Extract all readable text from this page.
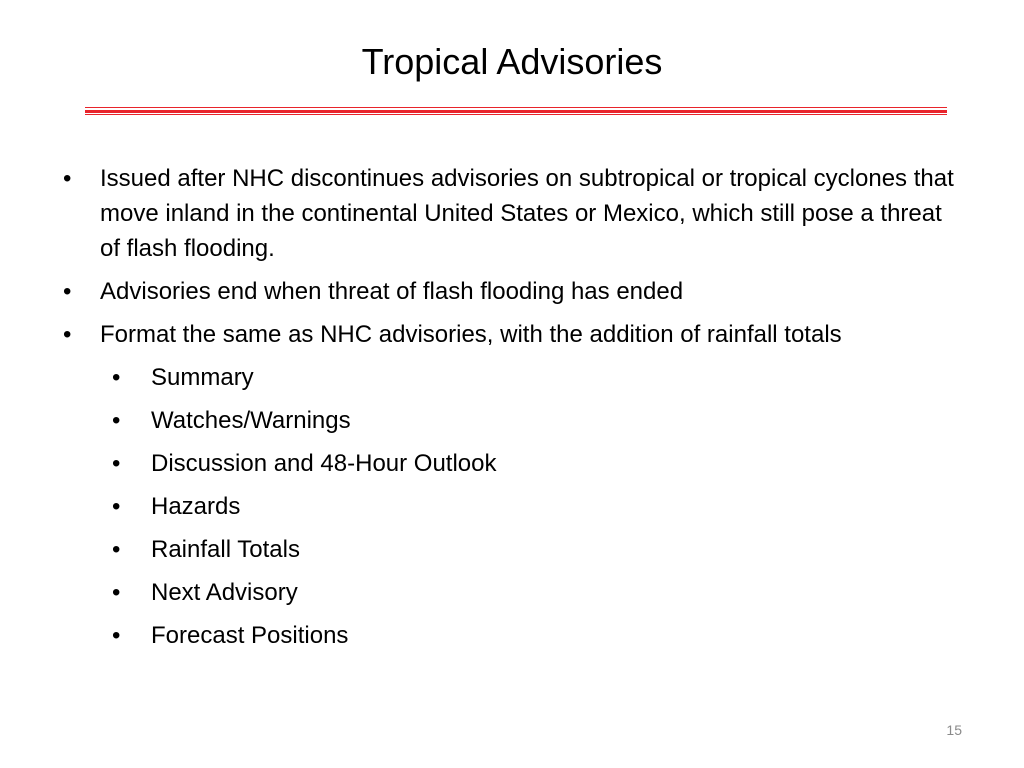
Tropical Advisories
• Issued after NHC discontinues advisories on subtropical or tropical cyclones that move inland in the continental United States or Mexico, which still pose a threat of flash flooding.
• Advisories end when threat of flash flooding has ended
• Format the same as NHC advisories, with the addition of rainfall totals
• Summary
• Watches/Warnings
• Discussion and 48-Hour Outlook
• Hazards
• Rainfall Totals
• Next Advisory
• Forecast Positions
15
